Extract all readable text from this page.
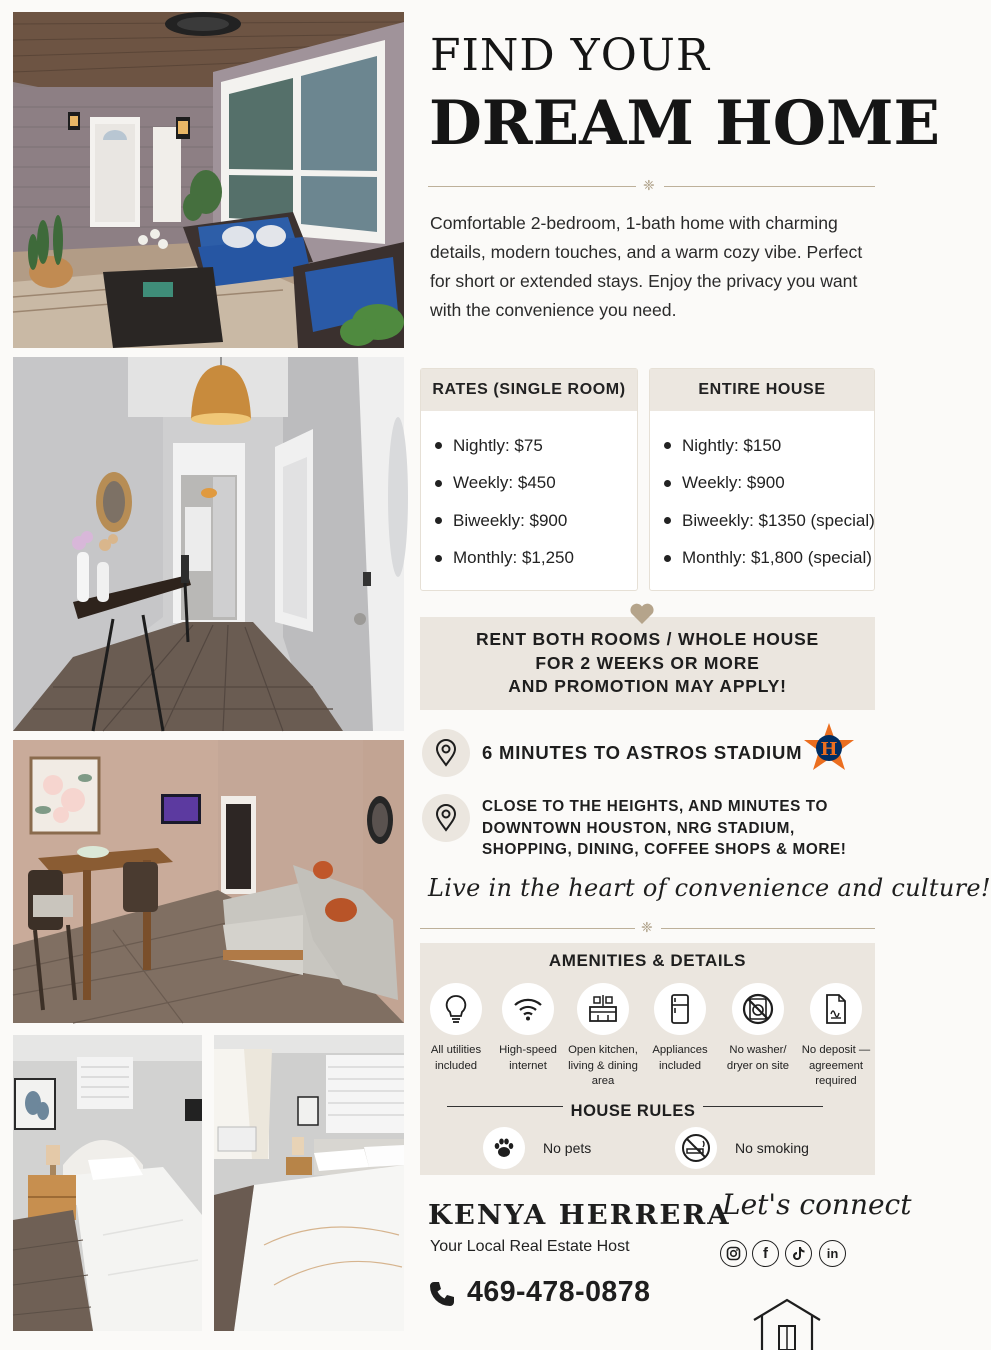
FIND YOUR
DREAM HOME
❈
Comfortable 2-bedroom, 1-bath home with charming details, modern touches, and a warm cozy vibe. Perfect for short or extended stays. Enjoy the privacy you want with the convenience you need.
RATES (SINGLE ROOM)
Nightly: $75
Weekly: $450
Biweekly: $900
Monthly: $1,250
ENTIRE HOUSE
Nightly: $150
Weekly: $900
Biweekly: $1350 (special)
Monthly: $1,800 (special)
RENT BOTH ROOMS / WHOLE HOUSE
FOR 2 WEEKS OR MORE
AND PROMOTION MAY APPLY!
6 MINUTES TO ASTROS STADIUM H
CLOSE TO THE HEIGHTS, AND MINUTES TO
DOWNTOWN HOUSTON, NRG STADIUM,
SHOPPING, DINING, COFFEE SHOPS & MORE!
Live in the heart of convenience and culture!
❈
AMENITIES & DETAILS
All utilities
included
High-speed
internet
Open kitchen,
living & dining
area
Appliances
included
No washer/
dryer on site
No deposit —
agreement
required
HOUSE RULES
No pets	No smoking
KENYA HERRERA
Your Local Real Estate Host
469-478-0878
Let's connect
f	in
